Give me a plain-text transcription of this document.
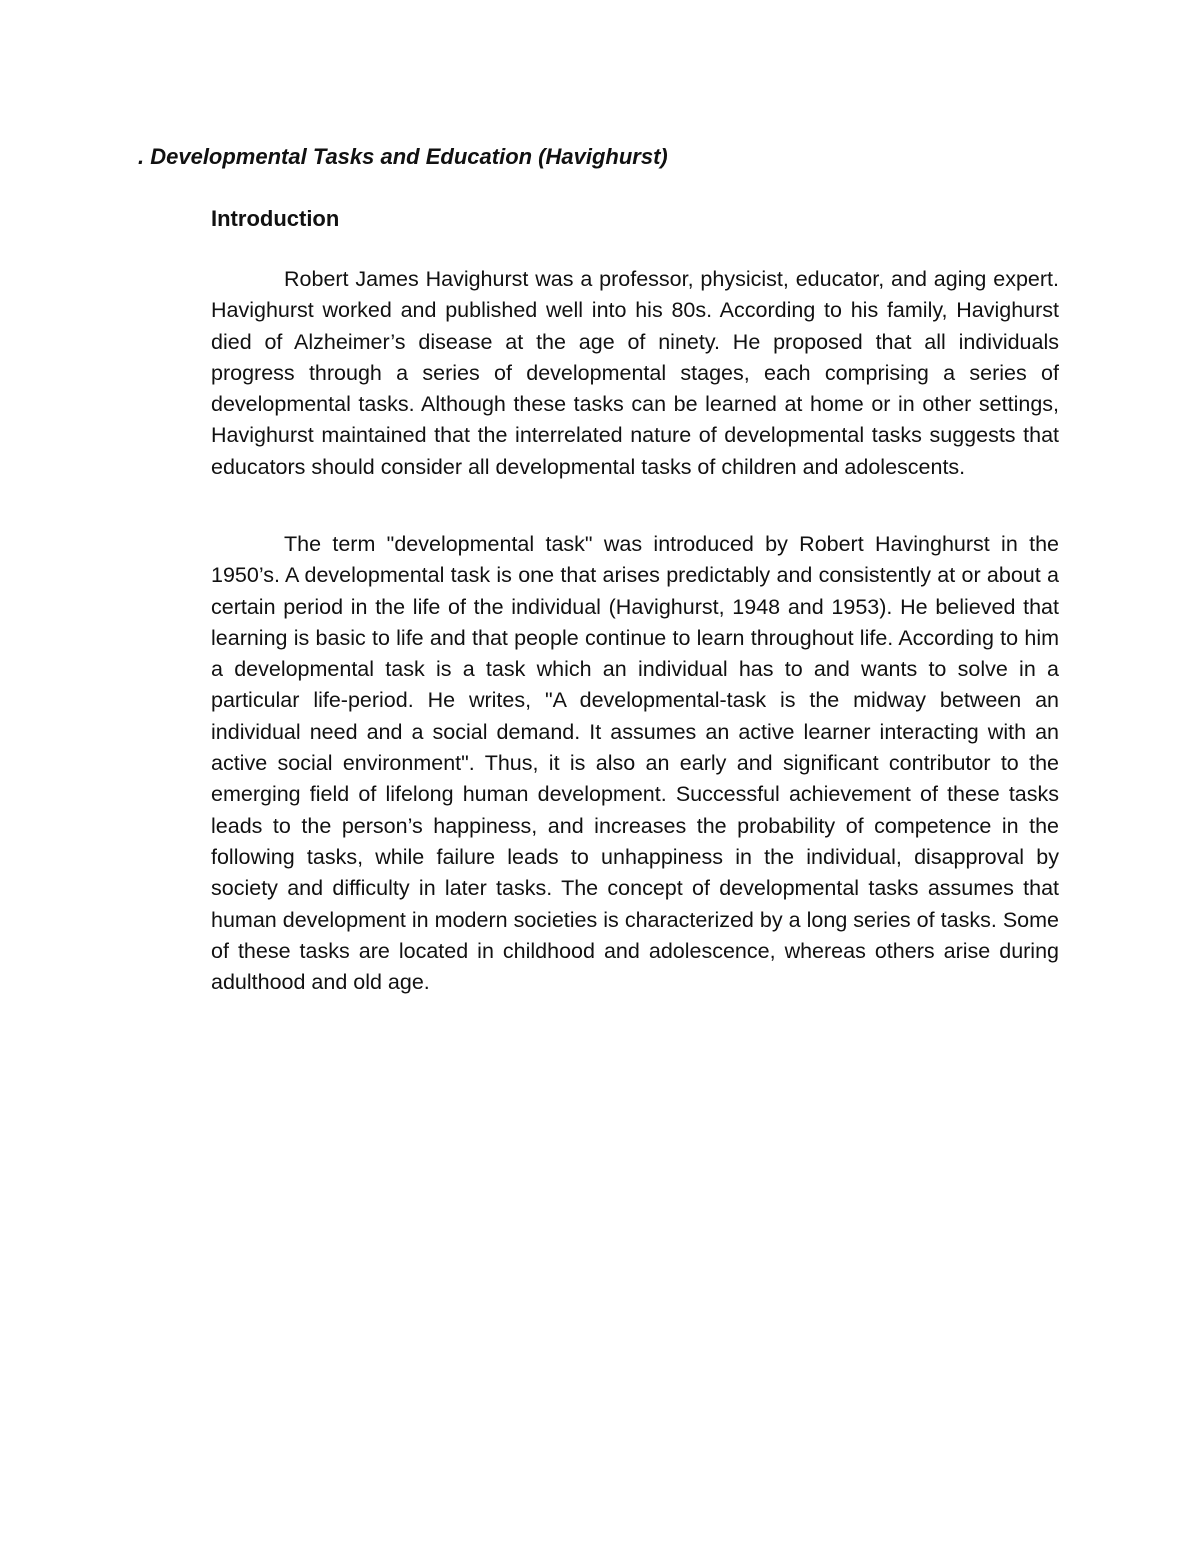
. Developmental Tasks and Education (Havighurst)
Introduction

Robert James Havighurst was a professor, physicist, educator, and aging expert. Havighurst worked and published well into his 80s. According to his family, Havighurst died of Alzheimer’s disease at the age of ninety. He proposed that all individuals progress through a series of developmental stages, each comprising a series of developmental tasks. Although these tasks can be learned at home or in other settings, Havighurst maintained that the interrelated nature of developmental tasks suggests that educators should consider all developmental tasks of children and adolescents.

The term "developmental task" was introduced by Robert Havinghurst in the 1950’s. A developmental task is one that arises predictably and consistently at or about a certain period in the life of the individual (Havighurst, 1948 and 1953). He believed that learning is basic to life and that people continue to learn throughout life. According to him a developmental task is a task which an individual has to and wants to solve in a particular life-period. He writes, "A developmental-task is the midway between an individual need and a social demand. It assumes an active learner interacting with an active social environment". Thus, it is also an early and significant contributor to the emerging field of lifelong human development. Successful achievement of these tasks leads to the person’s happiness, and increases the probability of competence in the following tasks, while failure leads to unhappiness in the individual, disapproval by society and difficulty in later tasks. The concept of developmental tasks assumes that human development in modern societies is characterized by a long series of tasks. Some of these tasks are located in childhood and adolescence, whereas others arise during adulthood and old age.
